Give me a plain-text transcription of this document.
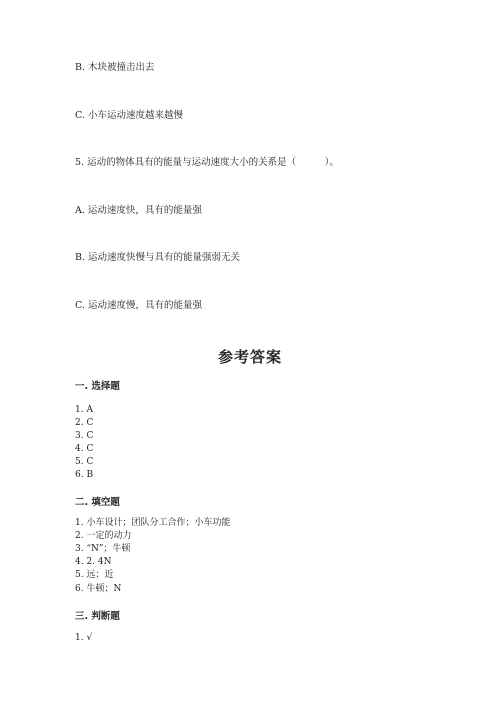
B. 木块被撞击出去
C. 小车运动速度越来越慢
5. 运动的物体具有的能量与运动速度大小的关系是（　　　）。
A. 运动速度快，具有的能量强
B. 运动速度快慢与具有的能量强弱无关
C. 运动速度慢，具有的能量强
参考答案
一. 选择题
1. A
2. C
3. C
4. C
5. C
6. B
二. 填空题
1. 小车设计；团队分工合作；小车功能
2. 一定的动力
3. “N”；牛顿
4. 2. 4N
5. 远；近
6. 牛顿；N
三. 判断题
1. √
